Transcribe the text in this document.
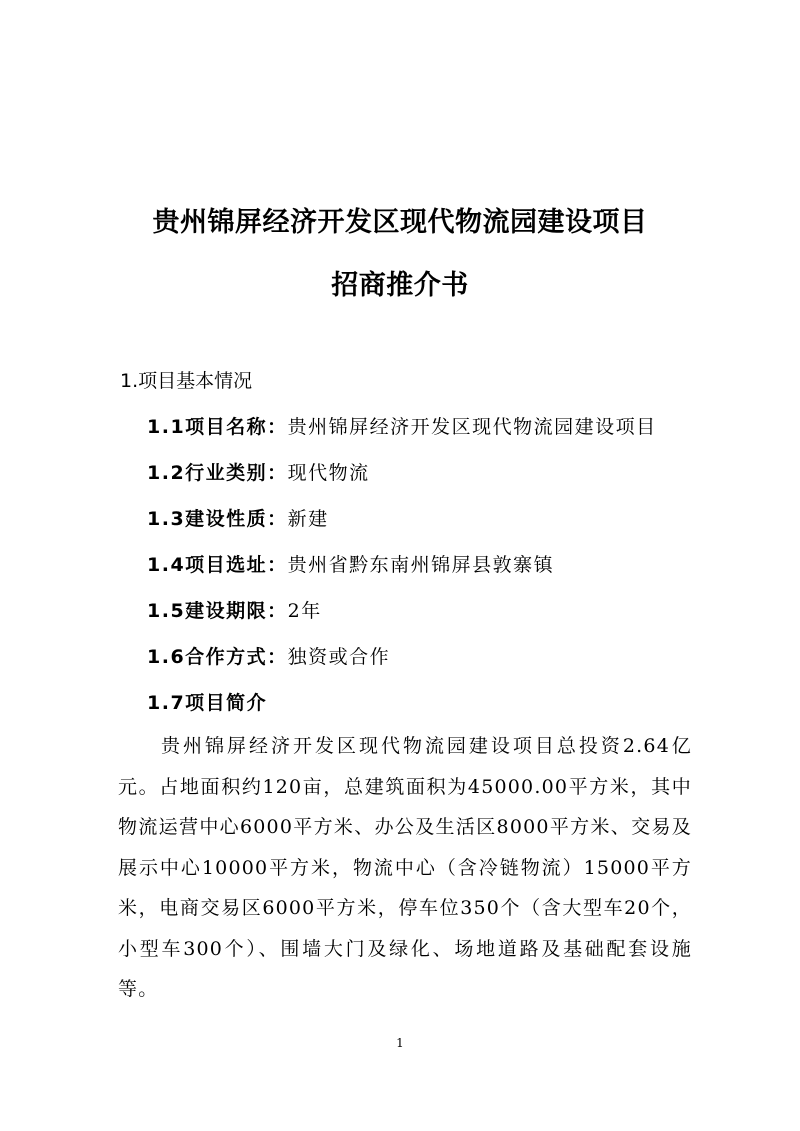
贵州锦屏经济开发区现代物流园建设项目
招商推介书
1.项目基本情况
1.1项目名称：贵州锦屏经济开发区现代物流园建设项目
1.2行业类别：现代物流
1.3建设性质：新建
1.4项目选址：贵州省黔东南州锦屏县敦寨镇
1.5建设期限：2年
1.6合作方式：独资或合作
1.7项目简介

贵州锦屏经济开发区现代物流园建设项目总投资2.64亿元。占地面积约120亩，总建筑面积为45000.00平方米，其中物流运营中心6000平方米、办公及生活区8000平方米、交易及展示中心10000平方米，物流中心（含冷链物流）15000平方米，电商交易区6000平方米，停车位350个（含大型车20个，小型车300个）、围墙大门及绿化、场地道路及基础配套设施等。

1
